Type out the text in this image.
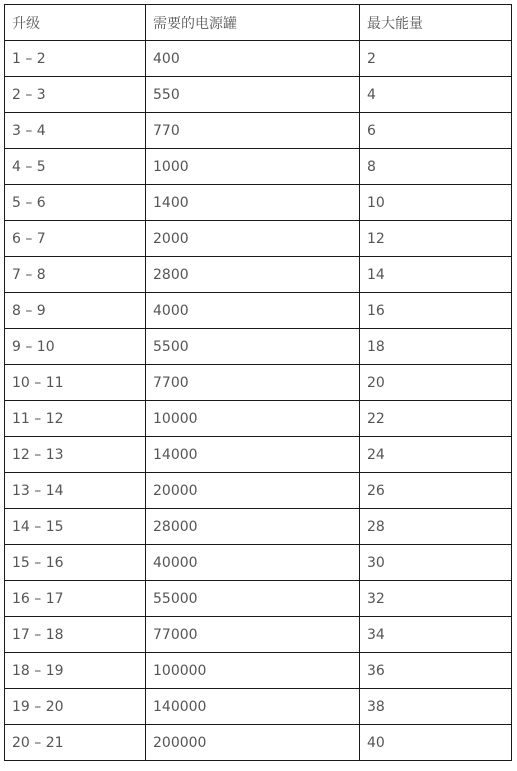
升级	需要的电源罐	最大能量
1 – 2	400	2
2 – 3	550	4
3 – 4	770	6
4 – 5	1000	8
5 – 6	1400	10
6 – 7	2000	12
7 – 8	2800	14
8 – 9	4000	16
9 – 10	5500	18
10 – 11	7700	20
11 – 12	10000	22
12 – 13	14000	24
13 – 14	20000	26
14 – 15	28000	28
15 – 16	40000	30
16 – 17	55000	32
17 – 18	77000	34
18 – 19	100000	36
19 – 20	140000	38
20 – 21	200000	40
